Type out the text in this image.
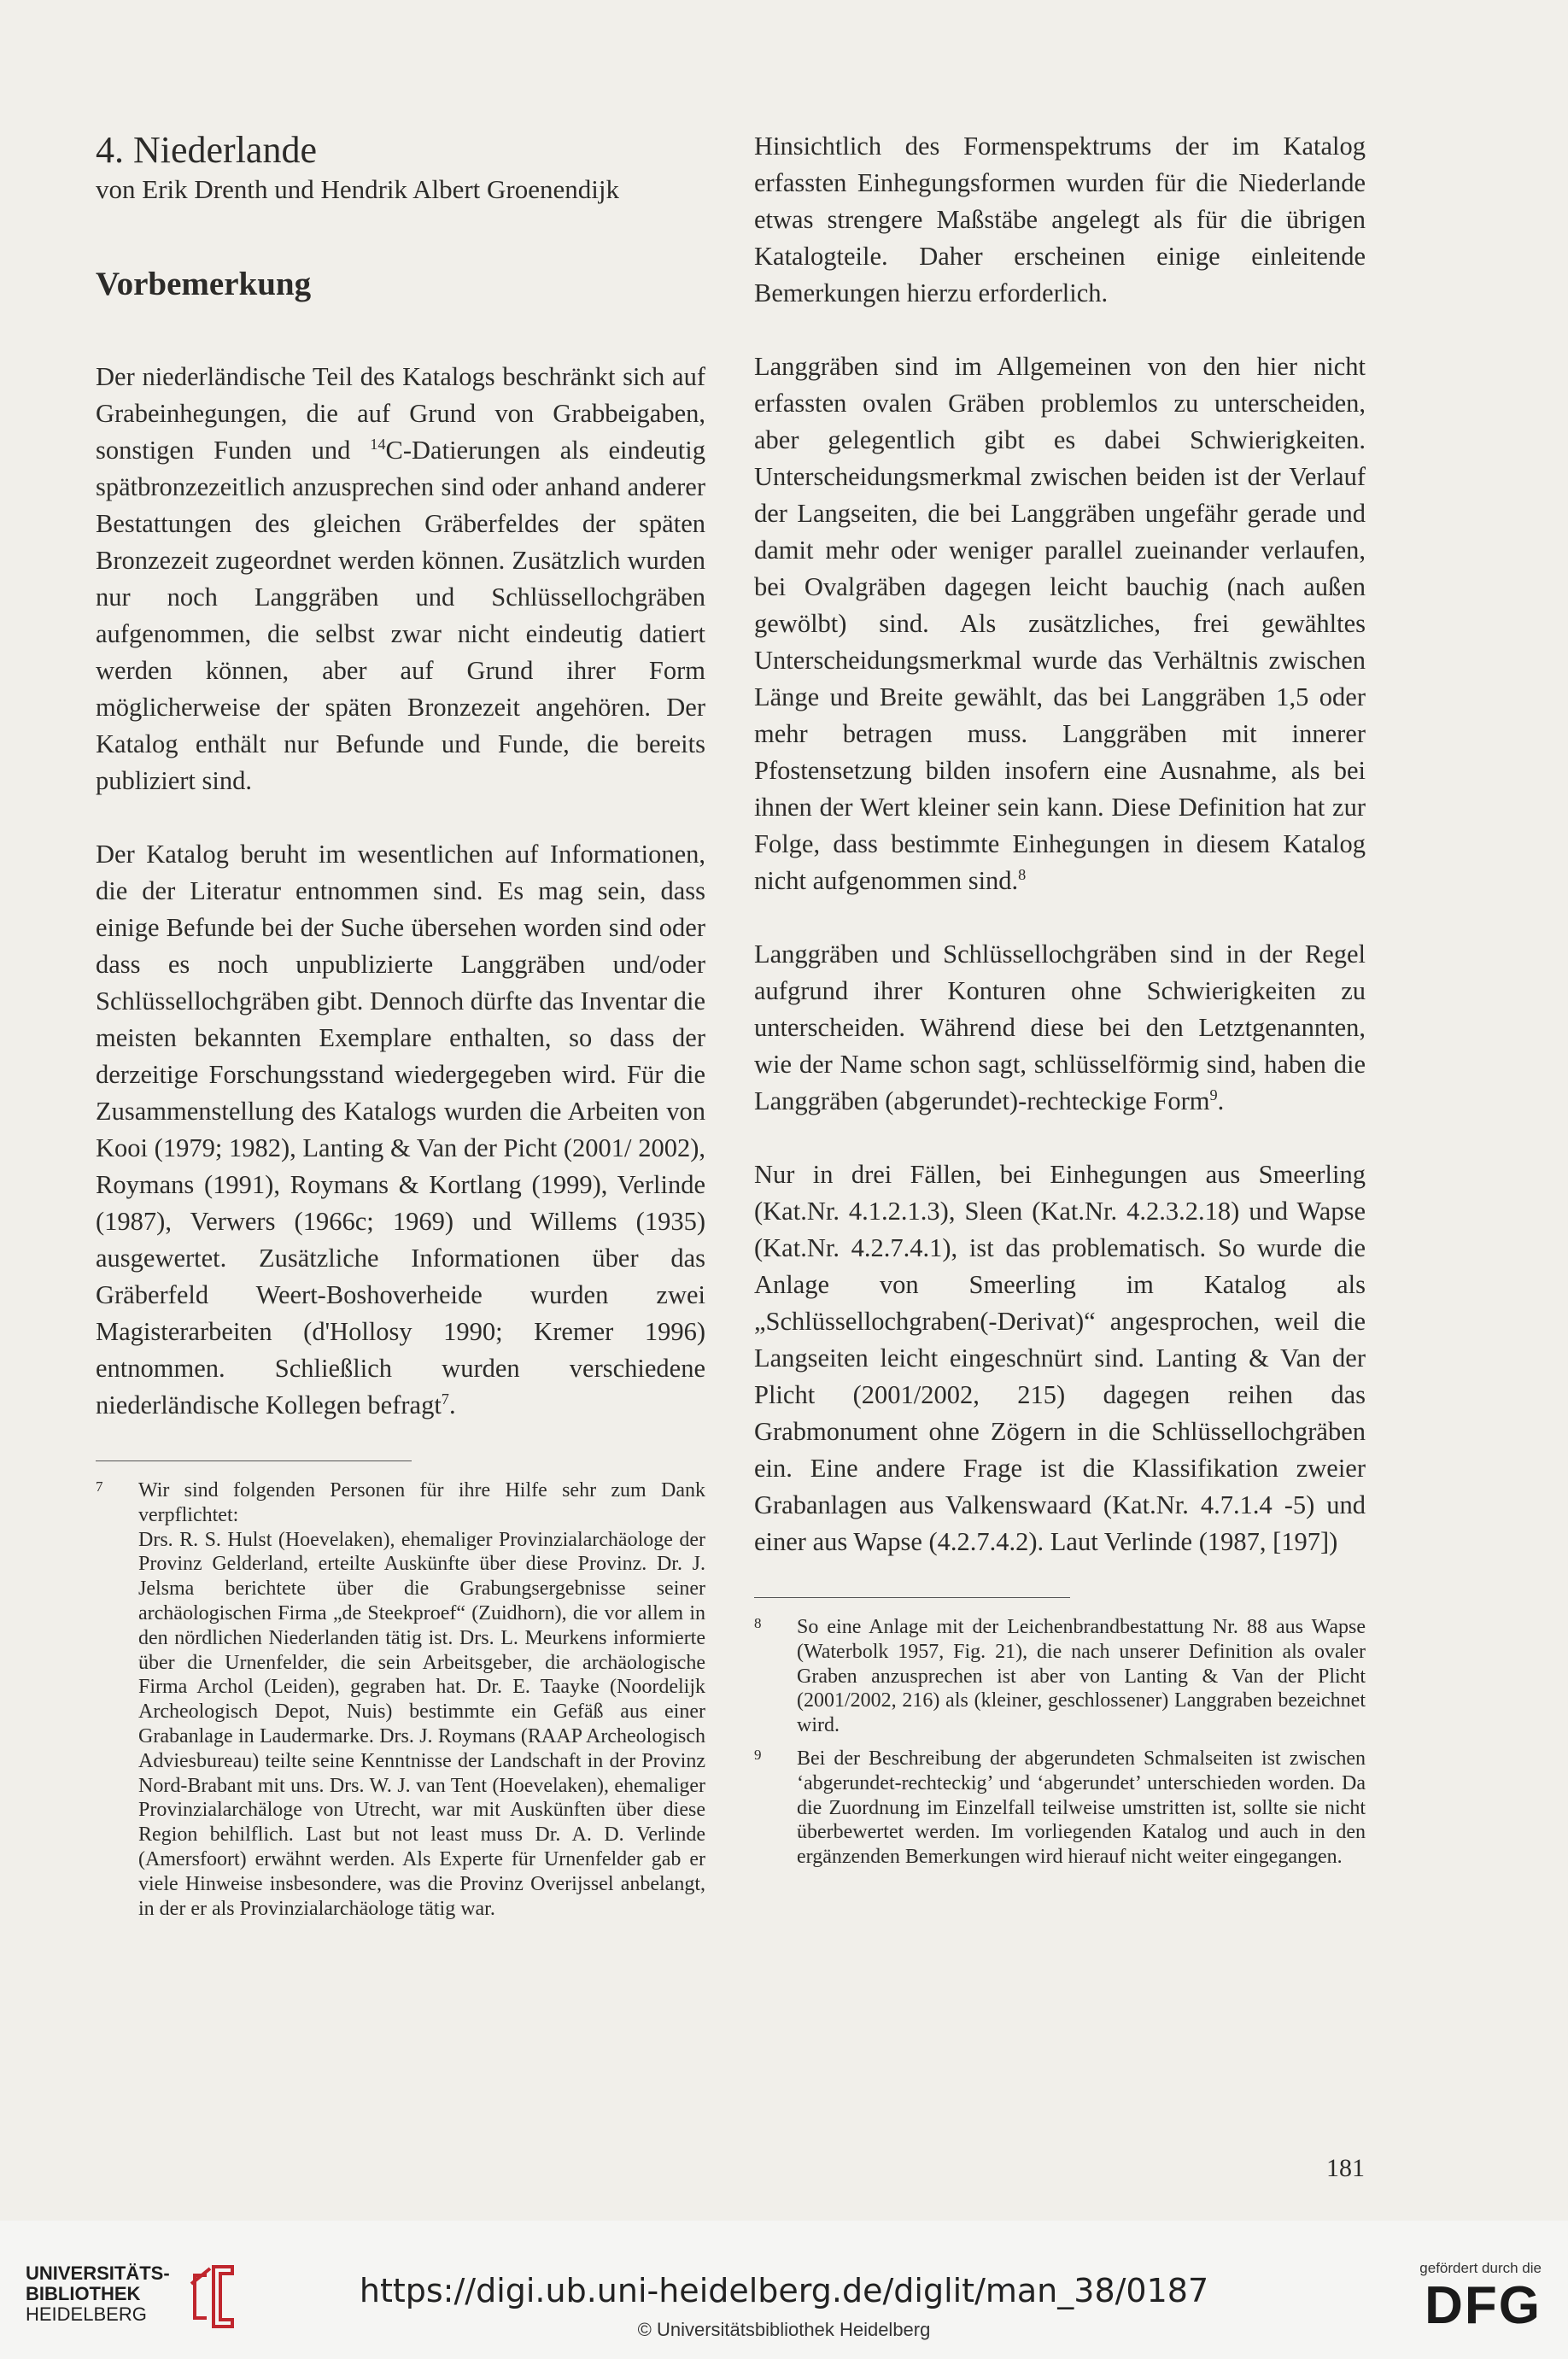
4. Niederlande

von Erik Drenth und Hendrik Albert Groenendijk

Vorbemerkung

Der niederländische Teil des Katalogs beschränkt sich auf Grabeinhegungen, die auf Grund von Grabbeigaben, sonstigen Funden und $^{14}$C-Datierungen als eindeutig spätbronzezeitlich anzusprechen sind oder anhand anderer Bestattungen des gleichen Gräberfeldes der späten Bronzezeit zugeordnet werden können. Zusätzlich wurden nur noch Langgräben und Schlüssellochgräben aufgenommen, die selbst zwar nicht eindeutig datiert werden können, aber auf Grund ihrer Form möglicherweise der späten Bronzezeit angehören. Der Katalog enthält nur Befunde und Funde, die bereits publiziert sind.

Der Katalog beruht im wesentlichen auf Informationen, die der Literatur entnommen sind. Es mag sein, dass einige Befunde bei der Suche übersehen worden sind oder dass es noch unpublizierte Langgräben und/oder Schlüssellochgräben gibt. Dennoch dürfte das Inventar die meisten bekannten Exemplare enthalten, so dass der derzeitige Forschungsstand wiedergegeben wird. Für die Zusammenstellung des Katalogs wurden die Arbeiten von Kooi (1979; 1982), Lanting & Van der Picht (2001/ 2002), Roymans (1991), Roymans & Kortlang (1999), Verlinde (1987), Verwers (1966c; 1969) und Willems (1935) ausgewertet. Zusätzliche Informationen über das Gräberfeld Weert-Boshoverheide wurden zwei Magisterarbeiten (d'Hollosy 1990; Kremer 1996) entnommen. Schließlich wurden verschiedene niederländische Kollegen befragt$^7$.

7 Wir sind folgenden Personen für ihre Hilfe sehr zum Dank verpflichtet:
Drs. R. S. Hulst (Hoevelaken), ehemaliger Provinzialarchäologe der Provinz Gelderland, erteilte Auskünfte über diese Provinz. Dr. J. Jelsma berichtete über die Grabungsergebnisse seiner archäologischen Firma „de Steekproef“ (Zuidhorn), die vor allem in den nördlichen Niederlanden tätig ist. Drs. L. Meurkens informierte über die Urnenfelder, die sein Arbeitsgeber, die archäologische Firma Archol (Leiden), gegraben hat. Dr. E. Taayke (Noordelijk Archeologisch Depot, Nuis) bestimmte ein Gefäß aus einer Grabanlage in Laudermarke. Drs. J. Roymans (RAAP Archeologisch Adviesbureau) teilte seine Kenntnisse der Landschaft in der Provinz Nord-Brabant mit uns. Drs. W. J. van Tent (Hoevelaken), ehemaliger Provinzialarchäloge von Utrecht, war mit Auskünften über diese Region behilflich. Last but not least muss Dr. A. D. Verlinde (Amersfoort) erwähnt werden. Als Experte für Urnenfelder gab er viele Hinweise insbesondere, was die Provinz Overijssel anbelangt, in der er als Provinzialarchäologe tätig war.

Hinsichtlich des Formenspektrums der im Katalog erfassten Einhegungsformen wurden für die Niederlande etwas strengere Maßstäbe angelegt als für die übrigen Katalogteile. Daher erscheinen einige einleitende Bemerkungen hierzu erforderlich.

Langgräben sind im Allgemeinen von den hier nicht erfassten ovalen Gräben problemlos zu unterscheiden, aber gelegentlich gibt es dabei Schwierigkeiten. Unterscheidungsmerkmal zwischen beiden ist der Verlauf der Langseiten, die bei Langgräben ungefähr gerade und damit mehr oder weniger parallel zueinander verlaufen, bei Ovalgräben dagegen leicht bauchig (nach außen gewölbt) sind. Als zusätzliches, frei gewähltes Unterscheidungsmerkmal wurde das Verhältnis zwischen Länge und Breite gewählt, das bei Langgräben 1,5 oder mehr betragen muss. Langgräben mit innerer Pfostensetzung bilden insofern eine Ausnahme, als bei ihnen der Wert kleiner sein kann. Diese Definition hat zur Folge, dass bestimmte Einhegungen in diesem Katalog nicht aufgenommen sind.$^8$

Langgräben und Schlüssellochgräben sind in der Regel aufgrund ihrer Konturen ohne Schwierigkeiten zu unterscheiden. Während diese bei den Letztgenannten, wie der Name schon sagt, schlüsselförmig sind, haben die Langgräben (abgerundet)-rechteckige Form$^9$.

Nur in drei Fällen, bei Einhegungen aus Smeerling (Kat.Nr. 4.1.2.1.3), Sleen (Kat.Nr. 4.2.3.2.18) und Wapse (Kat.Nr. 4.2.7.4.1), ist das problematisch. So wurde die Anlage von Smeerling im Katalog als „Schlüssellochgraben(-Derivat)“ angesprochen, weil die Langseiten leicht eingeschnürt sind. Lanting & Van der Plicht (2001/2002, 215) dagegen reihen das Grabmonument ohne Zögern in die Schlüssellochgräben ein. Eine andere Frage ist die Klassifikation zweier Grabanlagen aus Valkenswaard (Kat.Nr. 4.7.1.4 -5) und einer aus Wapse (4.2.7.4.2). Laut Verlinde (1987, [197])

8 So eine Anlage mit der Leichenbrandbestattung Nr. 88 aus Wapse (Waterbolk 1957, Fig. 21), die nach unserer Definition als ovaler Graben anzusprechen ist aber von Lanting & Van der Plicht (2001/2002, 216) als (kleiner, geschlossener) Langgraben bezeichnet wird.
9 Bei der Beschreibung der abgerundeten Schmalseiten ist zwischen ‘abgerundet-rechteckig’ und ‘abgerundet’ unterschieden worden. Da die Zuordnung im Einzelfall teilweise umstritten ist, sollte sie nicht überbewertet werden. Im vorliegenden Katalog und auch in den ergänzenden Bemerkungen wird hierauf nicht weiter eingegangen.
181
UNIVERSITÄTS-
BIBLIOTHEK
HEIDELBERG
https://digi.ub.uni-heidelberg.de/diglit/man_38/0187
© Universitätsbibliothek Heidelberg
gefördert durch die
DFG
